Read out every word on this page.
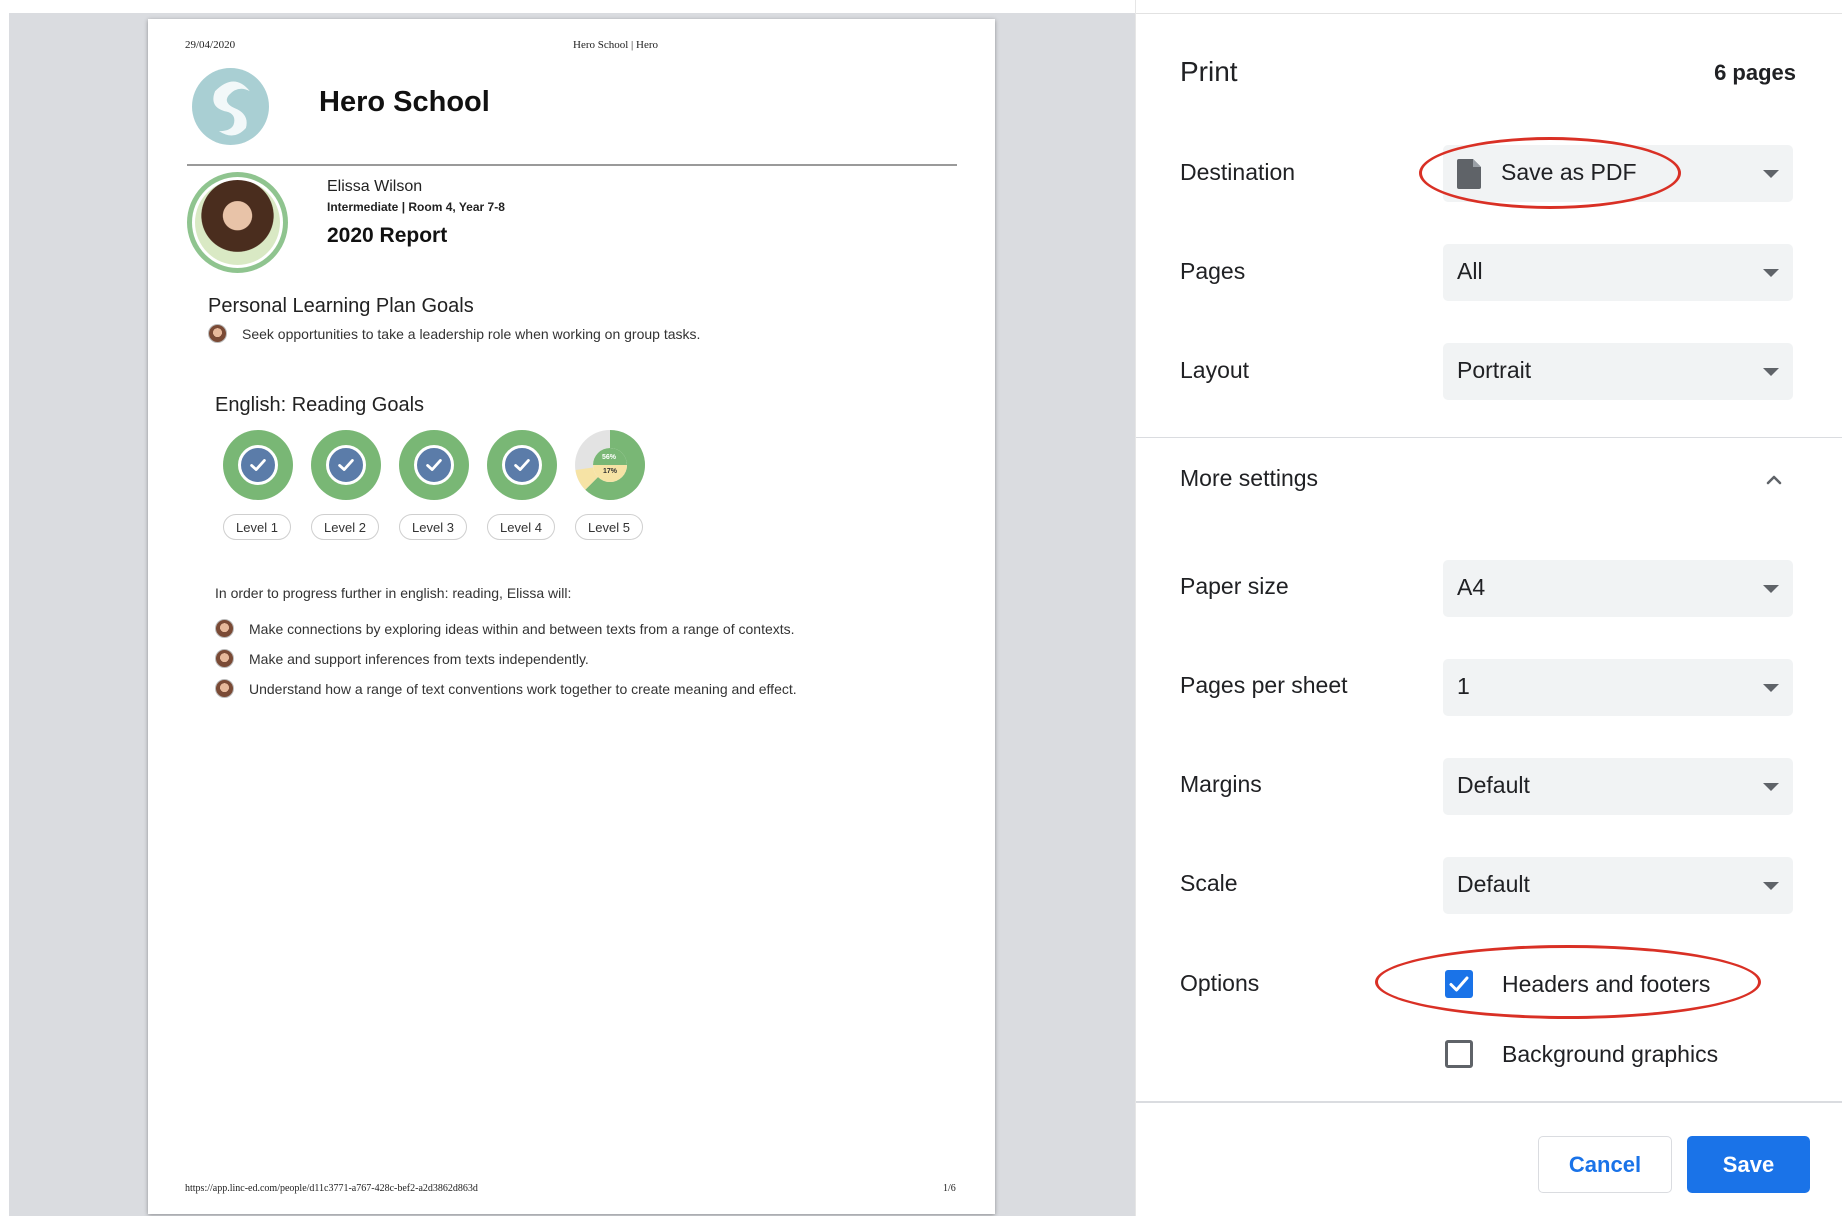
29/04/2020	Hero School | Hero
Hero School
Elissa Wilson
Intermediate | Room 4, Year 7-8
2020 Report
Personal Learning Plan Goals
Seek opportunities to take a leadership role when working on group tasks.
English: Reading Goals
Level 1	Level 2	Level 3	Level 4
56%
17%
Level 5
In order to progress further in english: reading, Elissa will:
Make connections by exploring ideas within and between texts from a range of contexts.
Make and support inferences from texts independently.
Understand how a range of text conventions work together to create meaning and effect.
https://app.linc-ed.com/people/d11c3771-a767-428c-bef2-a2d3862d863d	1/6
Print	6 pages
Destination	Save as PDF
Pages	All
Layout	Portrait
More settings
Paper size	A4
Pages per sheet	1
Margins	Default
Scale	Default
Options	Headers and footers
Background graphics
Cancel	Save
